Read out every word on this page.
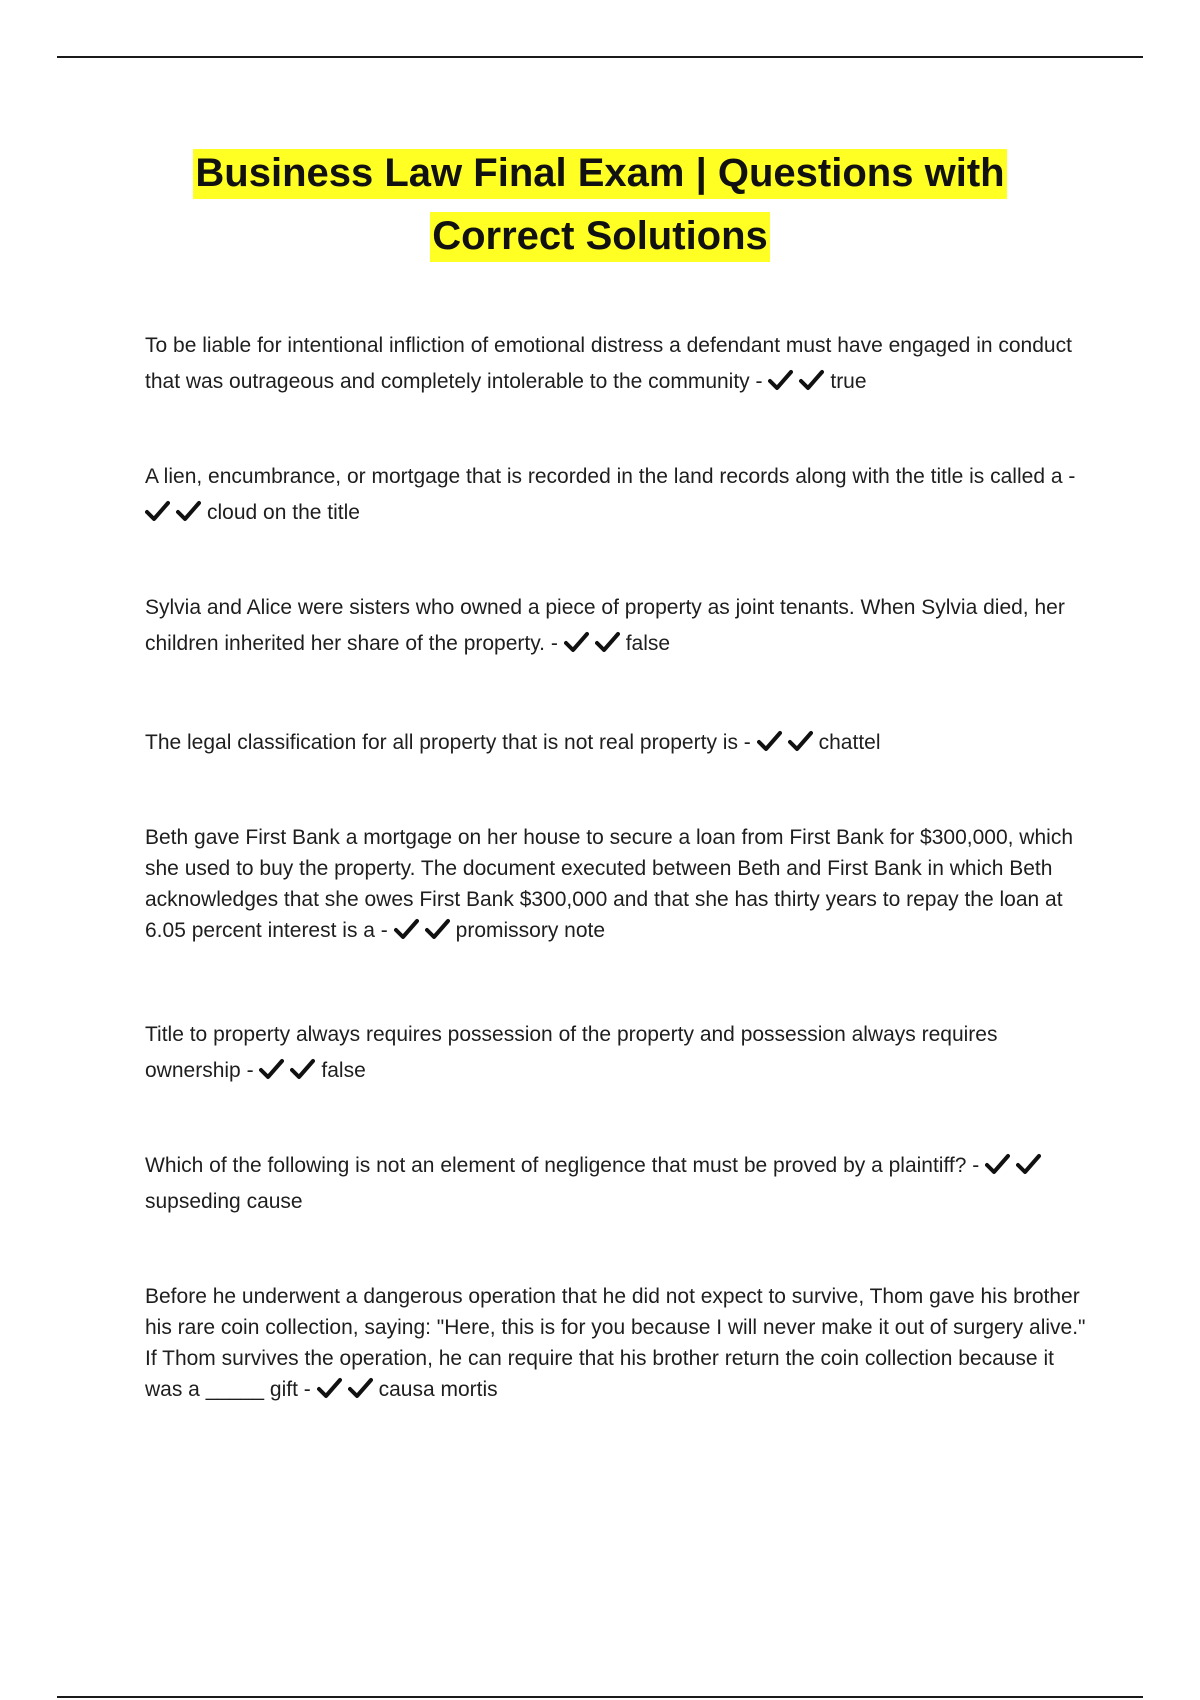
Business Law Final Exam | Questions with
Correct Solutions

To be liable for intentional infliction of emotional distress a defendant must have engaged in conduct that was outrageous and completely intolerable to the community -	true

A lien, encumbrance, or mortgage that is recorded in the land records along with the title is called a -
cloud on the title

Sylvia and Alice were sisters who owned a piece of property as joint tenants. When Sylvia died, her children inherited her share of the property. -	false

The legal classification for all property that is not real property is -	chattel

Beth gave First Bank a mortgage on her house to secure a loan from First Bank for $300,000, which she used to buy the property. The document executed between Beth and First Bank in which Beth acknowledges that she owes First Bank $300,000 and that she has thirty years to repay the loan at 6.05 percent interest is a -	promissory note

Title to property always requires possession of the property and possession always requires ownership -	false

Which of the following is not an element of negligence that must be proved by a plaintiff? -
supseding cause

Before he underwent a dangerous operation that he did not expect to survive, Thom gave his brother his rare coin collection, saying: "Here, this is for you because I will never make it out of surgery alive." If Thom survives the operation, he can require that his brother return the coin collection because it was a _____ gift -	causa mortis
